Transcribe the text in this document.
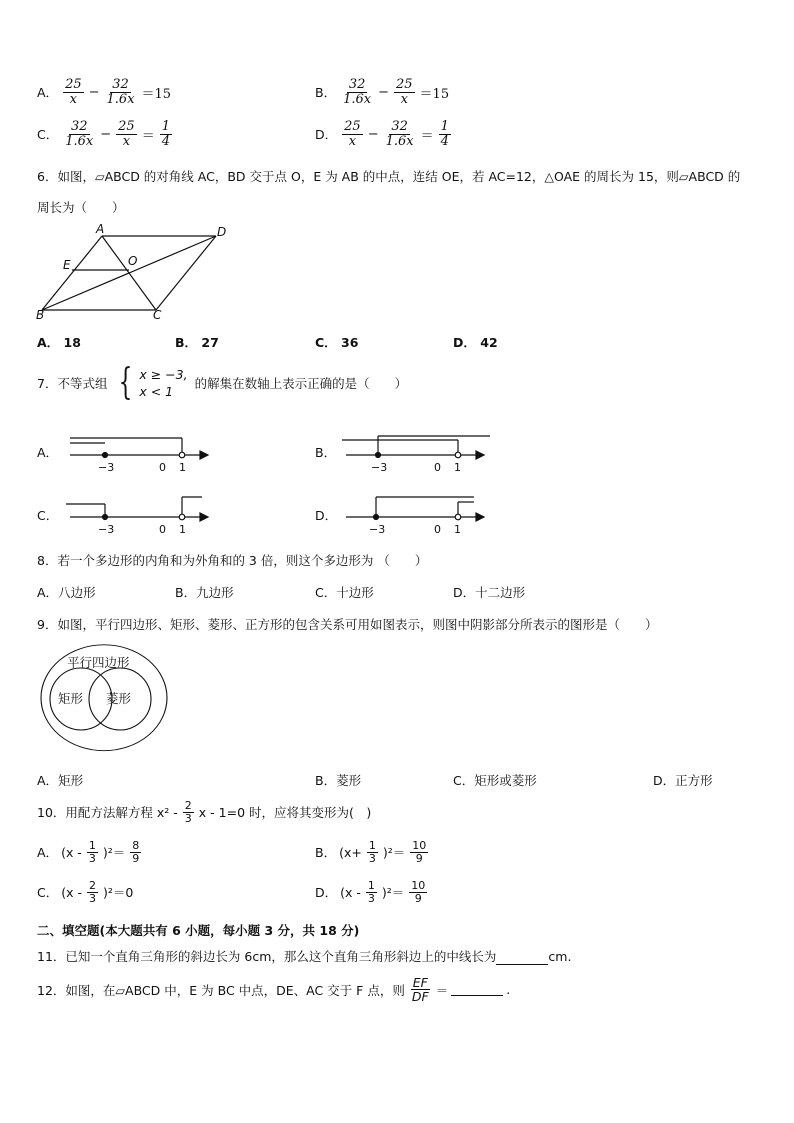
A． $\frac{25}{x} - \frac{32}{1.6x} =15$	B． $\frac{32}{1.6x} - \frac{25}{x} =15$
C． $\frac{32}{1.6x} - \frac{25}{x} = \frac{1}{4}$	D． $\frac{25}{x} - \frac{32}{1.6x} = \frac{1}{4}$
6．如图，▱ABCD 的对角线 AC，BD 交于点 O，E 为 AB 的中点，连结 OE，若 AC=12，△OAE 的周长为 15，则▱ABCD 的
周长为（　　）
A	D
E	O
B	C
A． 18	B． 27	C． 36	D． 42
7．不等式组 { x ≥ −3,
x < 1
的解集在数轴上表示正确的是（　　）
A．
−3	0 1
B．
−3	0 1
C．
−3	0 1
D．
−3	0 1
8．若一个多边形的内角和为外角和的 3 倍，则这个多边形为 （　　）
A．八边形	B．九边形	C．十边形	D．十二边形
9．如图，平行四边形、矩形、菱形、正方形的包含关系可用如图表示，则图中阴影部分所表示的图形是（　　）
平行四边形
矩形 菱形
A．矩形	B．菱形	C．矩形或菱形	D．正方形
10．用配方法解方程 $x^2 - \frac{2}{3}$ x - 1=0 时，应将其变形为(　)
A． $(x - \frac{1}{3} )^2= \frac{8}{9}$	B． $(x+ \frac{1}{3} )^2= \frac{10}{9}$
C． $(x - \frac{2}{3} )^2=0$	D． $(x - \frac{1}{3} )^2= \frac{10}{9}$
二、填空题(本大题共有 6 小题，每小题 3 分，共 18 分)
11．已知一个直角三角形的斜边长为 6cm，那么这个直角三角形斜边上的中线长为	cm.
12．如图，在▱ABCD 中，E 为 BC 中点，DE、AC 交于 F 点，则 $\frac{EF}{DF}$ ＝	.
